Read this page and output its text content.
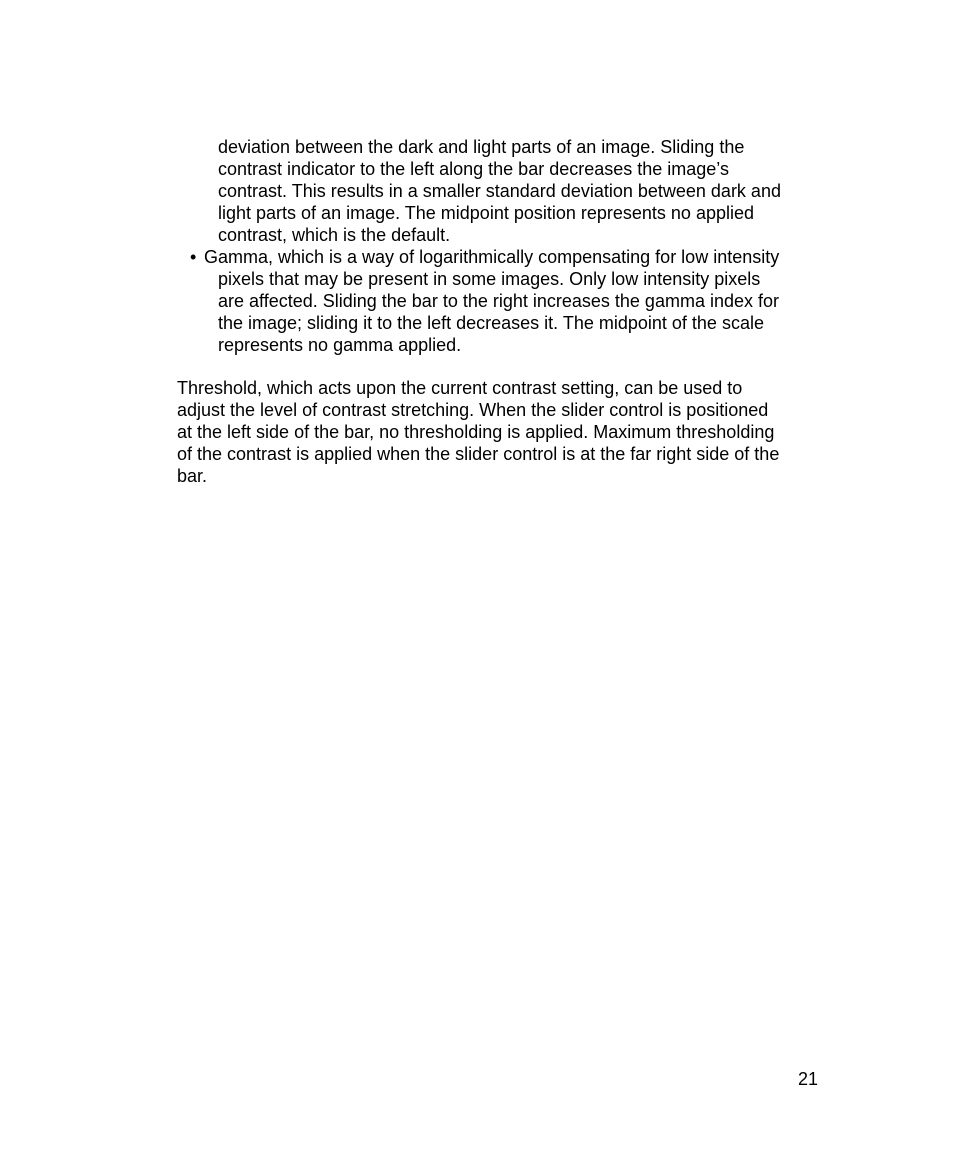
deviation between the dark and light parts of an image. Sliding the
contrast indicator to the left along the bar decreases the image’s
contrast. This results in a smaller standard deviation between dark and
light parts of an image. The midpoint position represents no applied
contrast, which is the default.
• Gamma, which is a way of logarithmically compensating for low intensity
pixels that may be present in some images. Only low intensity pixels
are affected. Sliding the bar to the right increases the gamma index for
the image; sliding it to the left decreases it. The midpoint of the scale
represents no gamma applied.
Threshold, which acts upon the current contrast setting, can be used to
adjust the level of contrast stretching. When the slider control is positioned
at the left side of the bar, no thresholding is applied. Maximum thresholding
of the contrast is applied when the slider control is at the far right side of the
bar.
21
